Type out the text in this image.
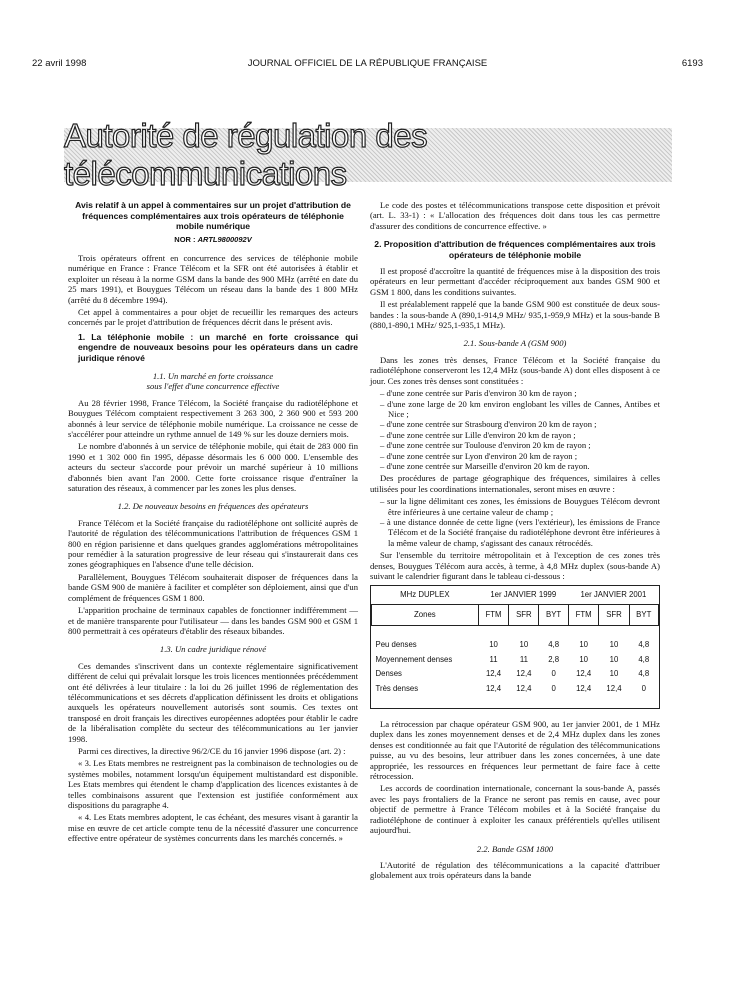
22 avril 1998	JOURNAL OFFICIEL DE LA RÉPUBLIQUE FRANÇAISE	6193
Autorité de régulation des télécommunications
Avis relatif à un appel à commentaires sur un projet d'attribution de fréquences complémentaires aux trois opérateurs de téléphonie mobile numérique
NOR : ARTL9800092V

Trois opérateurs offrent en concurrence des services de téléphonie mobile numérique en France : France Télécom et la SFR ont été autorisées à établir et exploiter un réseau à la norme GSM dans la bande des 900 MHz (arrêté en date du 25 mars 1991), et Bouygues Télécom un réseau dans la bande des 1 800 MHz (arrêté du 8 décembre 1994).

Cet appel à commentaires a pour objet de recueillir les remarques des acteurs concernés par le projet d'attribution de fréquences décrit dans le présent avis.

1. La téléphonie mobile : un marché en forte croissance qui engendre de nouveaux besoins pour les opérateurs dans un cadre juridique rénové
1.1. Un marché en forte croissance
sous l'effet d'une concurrence effective

Au 28 février 1998, France Télécom, la Société française du radiotéléphone et Bouygues Télécom comptaient respectivement 3 263 300, 2 360 900 et 593 200 abonnés à leur service de téléphonie mobile numérique. La croissance ne cesse de s'accélérer pour atteindre un rythme annuel de 149 % sur les douze derniers mois.

Le nombre d'abonnés à un service de téléphonie mobile, qui était de 283 000 fin 1990 et 1 302 000 fin 1995, dépasse désormais les 6 000 000. L'ensemble des acteurs du secteur s'accorde pour prévoir un marché supérieur à 10 millions d'abonnés bien avant l'an 2000. Cette forte croissance risque d'entraîner la saturation des réseaux, à commencer par les zones les plus denses.

1.2. De nouveaux besoins en fréquences des opérateurs

France Télécom et la Société française du radiotéléphone ont sollicité auprès de l'autorité de régulation des télécommunications l'attribution de fréquences GSM 1 800 en région parisienne et dans quelques grandes agglomérations métropolitaines pour remédier à la saturation progressive de leur réseau qui s'instaurerait dans ces zones géographiques en l'absence d'une telle décision.

Parallèlement, Bouygues Télécom souhaiterait disposer de fréquences dans la bande GSM 900 de manière à faciliter et compléter son déploiement, ainsi que d'un complément de fréquences GSM 1 800.

L'apparition prochaine de terminaux capables de fonctionner indifféremment — et de manière transparente pour l'utilisateur — dans les bandes GSM 900 et GSM 1 800 permettrait à ces opérateurs d'établir des réseaux bibandes.

1.3. Un cadre juridique rénové

Ces demandes s'inscrivent dans un contexte réglementaire significativement différent de celui qui prévalait lorsque les trois licences mentionnées précédemment ont été délivrées à leur titulaire : la loi du 26 juillet 1996 de réglementation des télécommunications et ses décrets d'application définissent les droits et obligations auxquels les opérateurs nouvellement autorisés sont soumis. Ces textes ont transposé en droit français les directives européennes adoptées pour établir le cadre de la libéralisation complète du secteur des télécommunications au 1er janvier 1998.

Parmi ces directives, la directive 96/2/CE du 16 janvier 1996 dispose (art. 2) :

« 3. Les Etats membres ne restreignent pas la combinaison de technologies ou de systèmes mobiles, notamment lorsqu'un équipement multistandard est disponible. Les Etats membres qui étendent le champ d'application des licences existantes à de telles combinaisons assurent que l'extension est justifiée conformément aux dispositions du paragraphe 4.

« 4. Les Etats membres adoptent, le cas échéant, des mesures visant à garantir la mise en œuvre de cet article compte tenu de la nécessité d'assurer une concurrence effective entre opérateur de systèmes concurrents dans les marchés concernés. »

Le code des postes et télécommunications transpose cette disposition et prévoit (art. L. 33-1) : « L'allocation des fréquences doit dans tous les cas permettre d'assurer des conditions de concurrence effective. »

2. Proposition d'attribution de fréquences complémentaires aux trois opérateurs de téléphonie mobile

Il est proposé d'accroître la quantité de fréquences mise à la disposition des trois opérateurs en leur permettant d'accéder réciproquement aux bandes GSM 900 et GSM 1 800, dans les conditions suivantes.

Il est préalablement rappelé que la bande GSM 900 est constituée de deux sous-bandes : la sous-bande A (890,1-914,9 MHz/ 935,1-959,9 MHz) et la sous-bande B (880,1-890,1 MHz/ 925,1-935,1 MHz).

2.1. Sous-bande A (GSM 900)

Dans les zones très denses, France Télécom et la Société française du radiotéléphone conserveront les 12,4 MHz (sous-bande A) dont elles disposent à ce jour. Ces zones très denses sont constituées :

– d'une zone centrée sur Paris d'environ 30 km de rayon ;
– d'une zone large de 20 km environ englobant les villes de Cannes, Antibes et Nice ;
– d'une zone centrée sur Strasbourg d'environ 20 km de rayon ;
– d'une zone centrée sur Lille d'environ 20 km de rayon ;
– d'une zone centrée sur Toulouse d'environ 20 km de rayon ;
– d'une zone centrée sur Lyon d'environ 20 km de rayon ;
– d'une zone centrée sur Marseille d'environ 20 km de rayon.

Des procédures de partage géographique des fréquences, similaires à celles utilisées pour les coordinations internationales, seront mises en œuvre :

– sur la ligne délimitant ces zones, les émissions de Bouygues Télécom devront être inférieures à une certaine valeur de champ ;
– à une distance donnée de cette ligne (vers l'extérieur), les émissions de France Télécom et de la Société française du radiotéléphone devront être inférieures à la même valeur de champ, s'agissant des canaux rétrocédés.

Sur l'ensemble du territoire métropolitain et à l'exception de ces zones très denses, Bouygues Télécom aura accès, à terme, à 4,8 MHz duplex (sous-bande A) suivant le calendrier figurant dans le tableau ci-dessous :

MHz DUPLEX	1er JANVIER 1999			1er JANVIER 2001		
Zones	FTM	SFR	BYT	FTM	SFR	BYT

Peu denses	10	10	4,8	10	10	4,8
Moyennement denses	11	11	2,8	10	10	4,8
Denses	12,4	12,4	0	12,4	10	4,8
Très denses	12,4	12,4	0	12,4	12,4	0

La rétrocession par chaque opérateur GSM 900, au 1er janvier 2001, de 1 MHz duplex dans les zones moyennement denses et de 2,4 MHz duplex dans les zones denses est conditionnée au fait que l'Autorité de régulation des télécommunications puisse, au vu des besoins, leur attribuer dans les zones concernées, à une date appropriée, les ressources en fréquences leur permettant de faire face à cette rétrocession.

Les accords de coordination internationale, concernant la sous-bande A, passés avec les pays frontaliers de la France ne seront pas remis en cause, avec pour objectif de permettre à France Télécom mobiles et à la Société française du radiotéléphone de continuer à exploiter les canaux préférentiels qu'elles utilisent aujourd'hui.

2.2. Bande GSM 1800

L'Autorité de régulation des télécommunications a la capacité d'attribuer globalement aux trois opérateurs dans la bande
